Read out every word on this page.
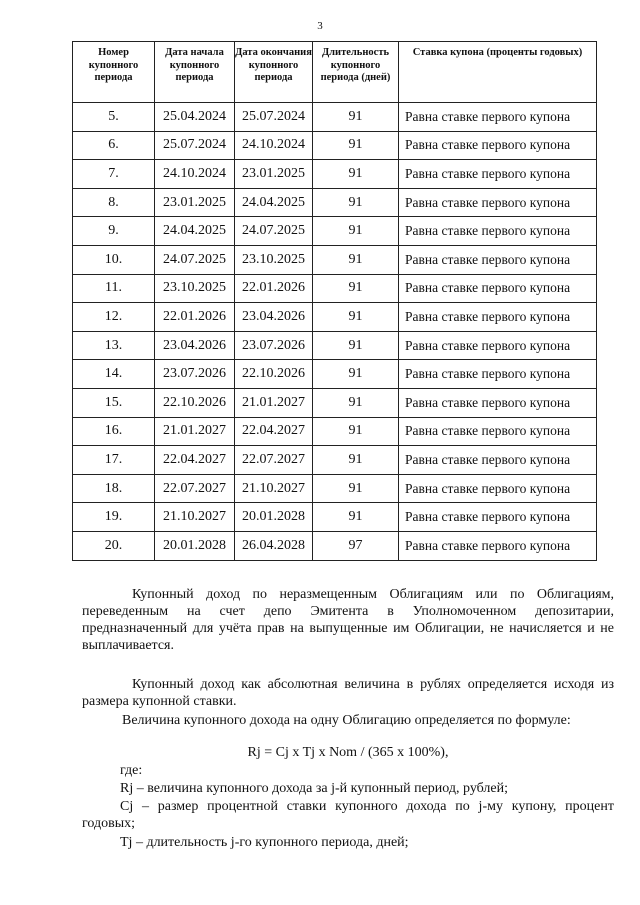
3
Номер купонного периода	Дата начала купонного периода	Дата окончания купонного периода	Длительность купонного периода (дней)	Ставка купона (проценты годовых)
5.	25.04.2024	25.07.2024	91	Равна ставке первого купона
6.	25.07.2024	24.10.2024	91	Равна ставке первого купона
7.	24.10.2024	23.01.2025	91	Равна ставке первого купона
8.	23.01.2025	24.04.2025	91	Равна ставке первого купона
9.	24.04.2025	24.07.2025	91	Равна ставке первого купона
10.	24.07.2025	23.10.2025	91	Равна ставке первого купона
11.	23.10.2025	22.01.2026	91	Равна ставке первого купона
12.	22.01.2026	23.04.2026	91	Равна ставке первого купона
13.	23.04.2026	23.07.2026	91	Равна ставке первого купона
14.	23.07.2026	22.10.2026	91	Равна ставке первого купона
15.	22.10.2026	21.01.2027	91	Равна ставке первого купона
16.	21.01.2027	22.04.2027	91	Равна ставке первого купона
17.	22.04.2027	22.07.2027	91	Равна ставке первого купона
18.	22.07.2027	21.10.2027	91	Равна ставке первого купона
19.	21.10.2027	20.01.2028	91	Равна ставке первого купона
20.	20.01.2028	26.04.2028	97	Равна ставке первого купона
Купонный доход по неразмещенным Облигациям или по Облигациям, переведенным на счет депо Эмитента в Уполномоченном депозитарии, предназначенный для учёта прав на выпущенные им Облигации, не начисляется и не выплачивается.
Купонный доход как абсолютная величина в рублях определяется исходя из размера купонной ставки.
Величина купонного дохода на одну Облигацию определяется по формуле:
Rj = Cj x Tj x Nom / (365 x 100%),
где:
Rj – величина купонного дохода за j-й купонный период, рублей;
Cj – размер процентной ставки купонного дохода по j-му купону, процент годовых;
Tj – длительность j-го купонного периода, дней;
